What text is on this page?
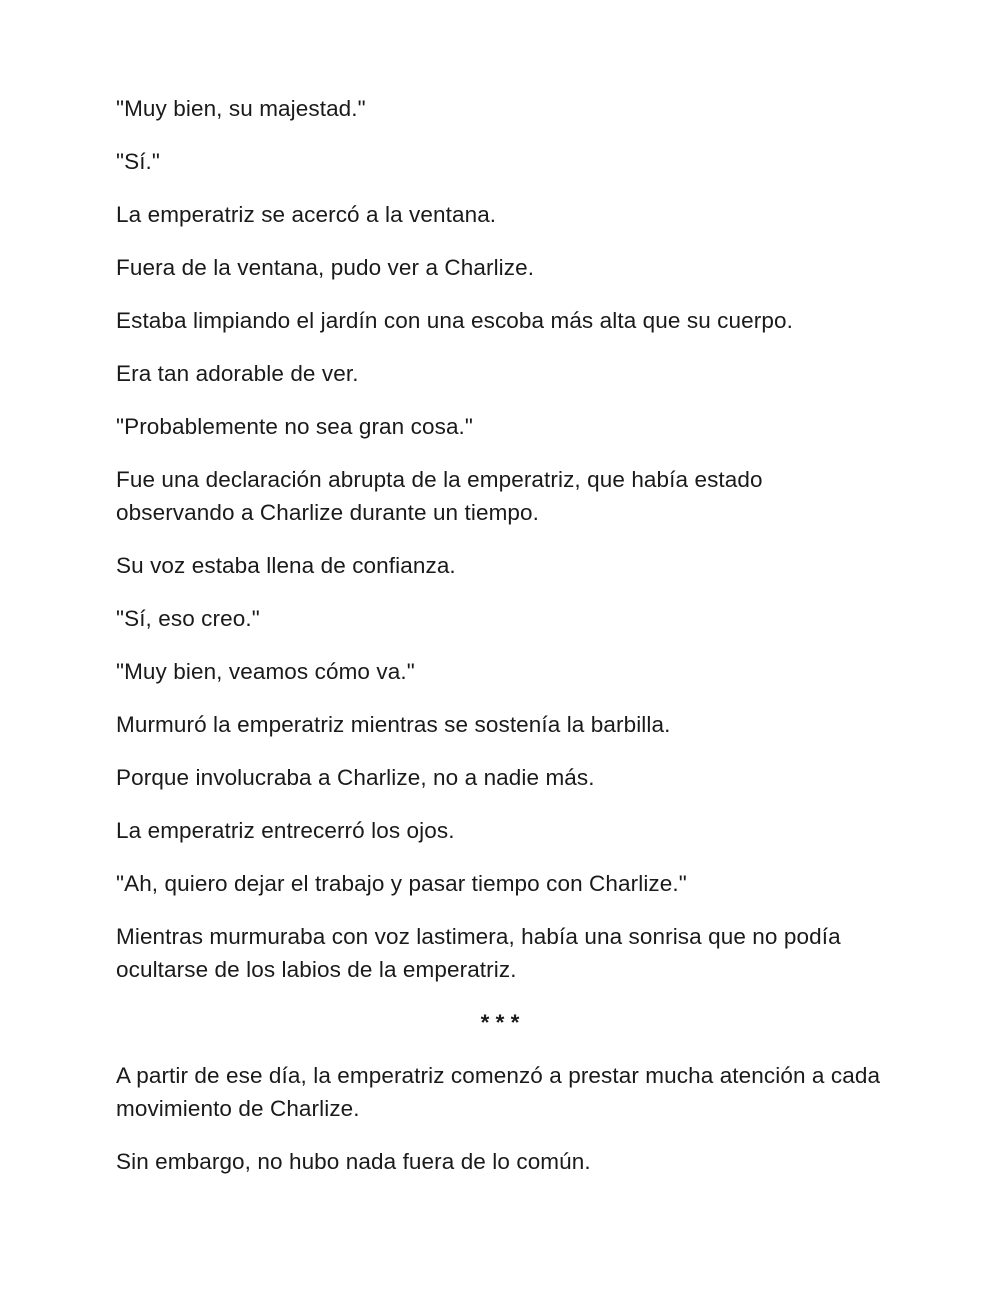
"Muy bien, su majestad."

"Sí."

La emperatriz se acercó a la ventana.

Fuera de la ventana, pudo ver a Charlize.

Estaba limpiando el jardín con una escoba más alta que su cuerpo.

Era tan adorable de ver.

"Probablemente no sea gran cosa."

Fue una declaración abrupta de la emperatriz, que había estado observando a Charlize durante un tiempo.

Su voz estaba llena de confianza.

"Sí, eso creo."

"Muy bien, veamos cómo va."

Murmuró la emperatriz mientras se sostenía la barbilla.

Porque involucraba a Charlize, no a nadie más.

La emperatriz entrecerró los ojos.

"Ah, quiero dejar el trabajo y pasar tiempo con Charlize."

Mientras murmuraba con voz lastimera, había una sonrisa que no podía ocultarse de los labios de la emperatriz.

* * *

A partir de ese día, la emperatriz comenzó a prestar mucha atención a cada movimiento de Charlize.

Sin embargo, no hubo nada fuera de lo común.
